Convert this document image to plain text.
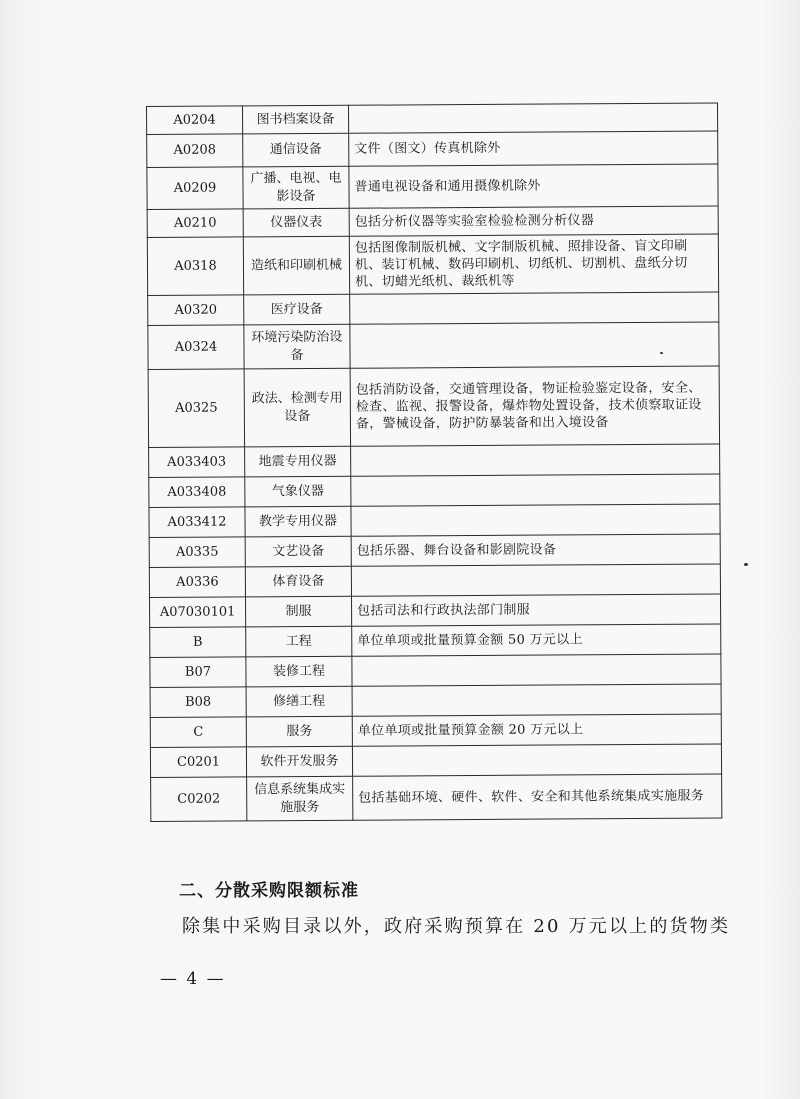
A0204	图书档案设备	
A0208	通信设备	文件（图文）传真机除外
A0209	广播、电视、电影设备	普通电视设备和通用摄像机除外
A0210	仪器仪表	包括分析仪器等实验室检验检测分析仪器
A0318	造纸和印刷机械	包括图像制版机械、文字制版机械、照排设备、盲文印刷机、装订机械、数码印刷机、切纸机、切割机、盘纸分切机、切蜡光纸机、裁纸机等
A0320	医疗设备	
A0324	环境污染防治设备	
A0325	政法、检测专用设备	包括消防设备，交通管理设备，物证检验鉴定设备，安全、检查、监视、报警设备，爆炸物处置设备，技术侦察取证设备，警械设备，防护防暴装备和出入境设备
A033403	地震专用仪器	
A033408	气象仪器	
A033412	教学专用仪器	
A0335	文艺设备	包括乐器、舞台设备和影剧院设备
A0336	体育设备	
A07030101	制服	包括司法和行政执法部门制服
B	工程	单位单项或批量预算金额 50 万元以上
B07	装修工程	
B08	修缮工程	
C	服务	单位单项或批量预算金额 20 万元以上
C0201	软件开发服务	
C0202	信息系统集成实施服务	包括基础环境、硬件、软件、安全和其他系统集成实施服务
二、分散采购限额标准
除集中采购目录以外，政府采购预算在 20 万元以上的货物类
— 4 —
